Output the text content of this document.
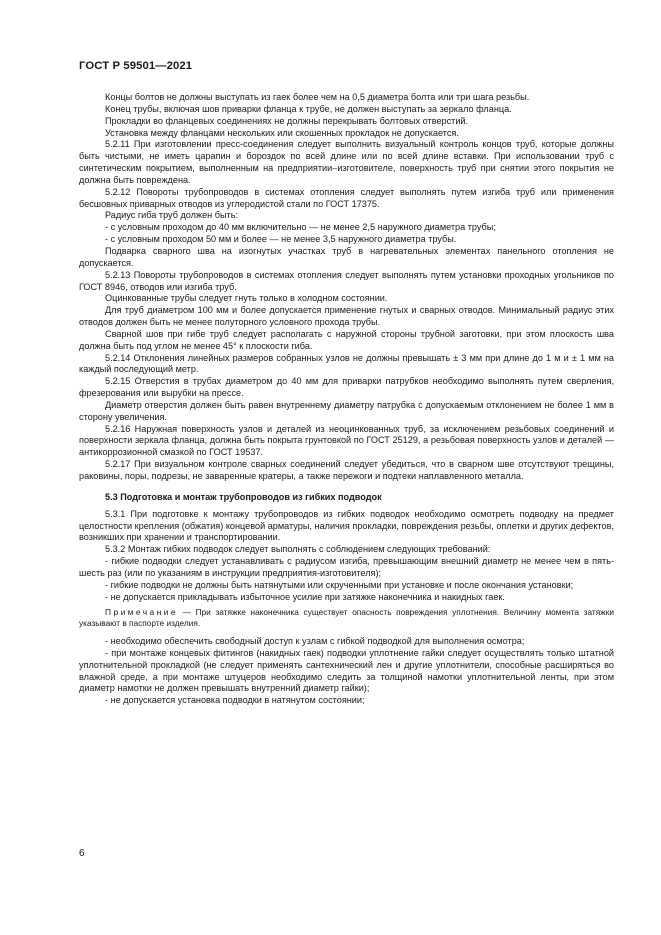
ГОСТ Р 59501—2021

Концы болтов не должны выступать из гаек более чем на 0,5 диаметра болта или три шага резьбы.

Конец трубы, включая шов приварки фланца к трубе, не должен выступать за зеркало фланца.

Прокладки во фланцевых соединениях не должны перекрывать болтовых отверстий.

Установка между фланцами нескольких или скошенных прокладок не допускается.

5.2.11 При изготовлении пресс-соединения следует выполнить визуальный контроль концов труб, которые должны быть чистыми, не иметь царапин и бороздок по всей длине или по всей длине вставки. При использовании труб с синтетическим покрытием, выполненным на предприятии–изготовителе, поверхность труб при снятии этого покрытия не должна быть повреждена.

5.2.12 Повороты трубопроводов в системах отопления следует выполнять путем изгиба труб или применения бесшовных приварных отводов из углеродистой стали по ГОСТ 17375.

Радиус гиба труб должен быть:

- с условным проходом до 40 мм включительно — не менее 2,5 наружного диаметра трубы;

- с условным проходом 50 мм и более — не менее 3,5 наружного диаметра трубы.

Подварка сварного шва на изогнутых участках труб в нагревательных элементах панельного отопления не допускается.

5.2.13 Повороты трубопроводов в системах отопления следует выполнять путем установки проходных угольников по ГОСТ 8946, отводов или изгиба труб.

Оцинкованные трубы следует гнуть только в холодном состоянии.

Для труб диаметром 100 мм и более допускается применение гнутых и сварных отводов. Минимальный радиус этих отводов должен быть не менее полуторного условного прохода трубы.

Сварной шов при гибе труб следует располагать с наружной стороны трубной заготовки, при этом плоскость шва должна быть под углом не менее 45° к плоскости гиба.

5.2.14 Отклонения линейных размеров собранных узлов не должны превышать ± 3 мм при длине до 1 м и ± 1 мм на каждый последующий метр.

5.2.15 Отверстия в трубах диаметром до 40 мм для приварки патрубков необходимо выполнять путем сверления, фрезерования или вырубки на прессе.

Диаметр отверстия должен быть равен внутреннему диаметру патрубка с допускаемым отклонением не более 1 мм в сторону увеличения.

5.2.16 Наружная поверхность узлов и деталей из неоцинкованных труб, за исключением резьбовых соединений и поверхности зеркала фланца, должна быть покрыта грунтовкой по ГОСТ 25129, а резьбовая поверхность узлов и деталей — антикоррозионной смазкой по ГОСТ 19537.

5.2.17 При визуальном контроле сварных соединений следует убедиться, что в сварном шве отсутствуют трещины, раковины, поры, подрезы, не заваренные кратеры, а также пережоги и подтеки наплавленного металла.

5.3 Подготовка и монтаж трубопроводов из гибких подводок

5.3.1 При подготовке к монтажу трубопроводов из гибких подводок необходимо осмотреть подводку на предмет целостности крепления (обжатия) концевой арматуры, наличия прокладки, повреждения резьбы, оплетки и других дефектов, возникших при хранении и транспортировании.

5.3.2 Монтаж гибких подводок следует выполнять с соблюдением следующих требований:

- гибкие подводки следует устанавливать с радиусом изгиба, превышающим внешний диаметр не менее чем в пять-шесть раз (или по указаниям в инструкции предприятия-изготовителя);

- гибкие подводки не должны быть натянутыми или скрученными при установке и после окончания установки;

- не допускается прикладывать избыточное усилие при затяжке наконечника и накидных гаек.

Примечание — При затяжке наконечника существует опасность повреждения уплотнения. Величину момента затяжки указывают в паспорте изделия.

- необходимо обеспечить свободный доступ к узлам с гибкой подводкой для выполнения осмотра;

- при монтаже концевых фитингов (накидных гаек) подводки уплотнение гайки следует осуществлять только штатной уплотнительной прокладкой (не следует применять сантехнический лен и другие уплотнители, способные расширяться во влажной среде, а при монтаже штуцеров необходимо следить за толщиной намотки уплотнительной ленты, при этом диаметр намотки не должен превышать внутренний диаметр гайки);

- не допускается установка подводки в натянутом состоянии;

6
